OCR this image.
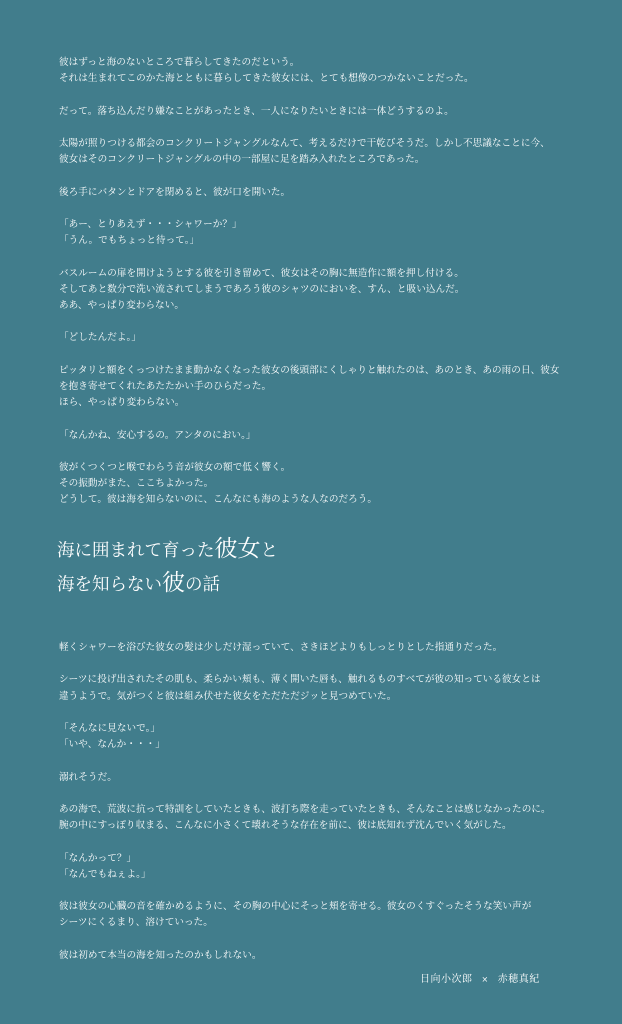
彼はずっと海のないところで暮らしてきたのだという。

それは生まれてこのかた海とともに暮らしてきた彼女には、とても想像のつかないことだった。

だって。落ち込んだり嫌なことがあったとき、一人になりたいときには一体どうするのよ。

太陽が照りつける都会のコンクリートジャングルなんて、考えるだけで干乾びそうだ。しかし不思議なことに今、

彼女はそのコンクリートジャングルの中の一部屋に足を踏み入れたところであった。

後ろ手にバタンとドアを閉めると、彼が口を開いた。

「あー、とりあえず・・・シャワーか？」

「うん。でもちょっと待って。」

バスルームの扉を開けようとする彼を引き留めて、彼女はその胸に無造作に額を押し付ける。

そしてあと数分で洗い流されてしまうであろう彼のシャツのにおいを、すん、と吸い込んだ。

ああ、やっぱり変わらない。

「どしたんだよ。」

ピッタリと額をくっつけたまま動かなくなった彼女の後頭部にくしゃりと触れたのは、あのとき、あの雨の日、彼女

を抱き寄せてくれたあたたかい手のひらだった。

ほら、やっぱり変わらない。

「なんかね、安心するの。アンタのにおい。」

彼がくつくつと喉でわらう音が彼女の額で低く響く。

その振動がまた、ここちよかった。

どうして。彼は海を知らないのに、こんなにも海のような人なのだろう。

海に囲まれて育った彼女と
海を知らない彼の話

軽くシャワーを浴びた彼女の髪は少しだけ湿っていて、さきほどよりもしっとりとした指通りだった。

シーツに投げ出されたその肌も、柔らかい頬も、薄く開いた唇も、触れるものすべてが彼の知っている彼女とは

違うようで。気がつくと彼は組み伏せた彼女をただただジッと見つめていた。

「そんなに見ないで。」

「いや、なんか・・・」

溺れそうだ。

あの海で、荒波に抗って特訓をしていたときも、波打ち際を走っていたときも、そんなことは感じなかったのに。

腕の中にすっぽり収まる、こんなに小さくて壊れそうな存在を前に、彼は底知れず沈んでいく気がした。

「なんかって？」

「なんでもねぇよ。」

彼は彼女の心臓の音を確かめるように、その胸の中心にそっと頬を寄せる。彼女のくすぐったそうな笑い声が

シーツにくるまり、溶けていった。

彼は初めて本当の海を知ったのかもしれない。

日向小次郎 × 赤穂真紀
